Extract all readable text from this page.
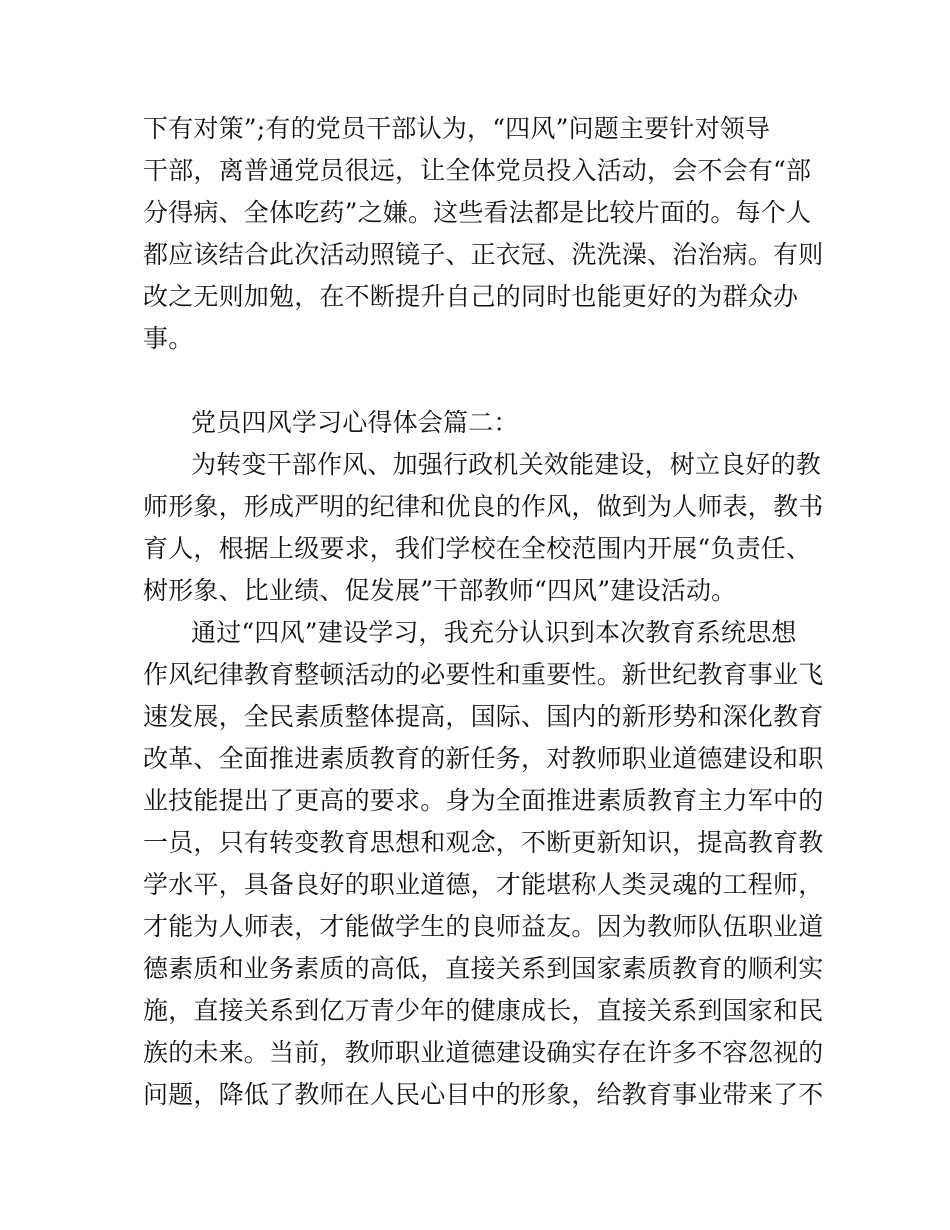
下有对策”;有的党员干部认为，“四风”问题主要针对领导
干部，离普通党员很远，让全体党员投入活动，会不会有“部
分得病、全体吃药”之嫌。这些看法都是比较片面的。每个人
都应该结合此次活动照镜子、正衣冠、洗洗澡、治治病。有则
改之无则加勉，在不断提升自己的同时也能更好的为群众办
事。
党员四风学习心得体会篇二：
为转变干部作风、加强行政机关效能建设，树立良好的教
师形象，形成严明的纪律和优良的作风，做到为人师表，教书
育人，根据上级要求，我们学校在全校范围内开展“负责任、
树形象、比业绩、促发展”干部教师“四风”建设活动。
通过“四风”建设学习，我充分认识到本次教育系统思想
作风纪律教育整顿活动的必要性和重要性。新世纪教育事业飞
速发展，全民素质整体提高，国际、国内的新形势和深化教育
改革、全面推进素质教育的新任务，对教师职业道德建设和职
业技能提出了更高的要求。身为全面推进素质教育主力军中的
一员，只有转变教育思想和观念，不断更新知识，提高教育教
学水平，具备良好的职业道德，才能堪称人类灵魂的工程师，
才能为人师表，才能做学生的良师益友。因为教师队伍职业道
德素质和业务素质的高低，直接关系到国家素质教育的顺利实
施，直接关系到亿万青少年的健康成长，直接关系到国家和民
族的未来。当前，教师职业道德建设确实存在许多不容忽视的
问题，降低了教师在人民心目中的形象，给教育事业带来了不
